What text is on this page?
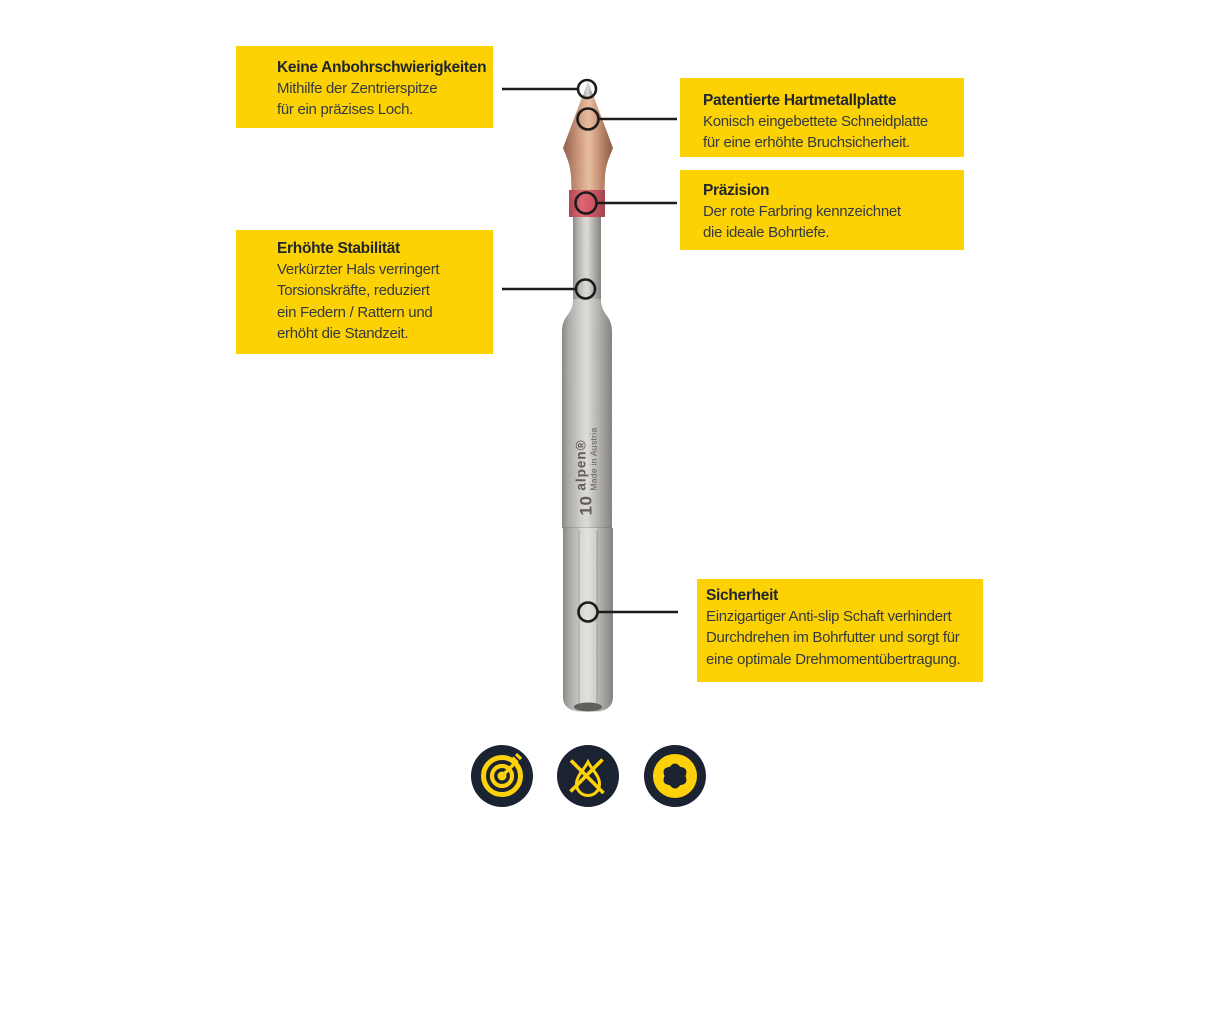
Keine Anbohrschwierigkeiten
Mithilfe der Zentrierspitze
für ein präzises Loch.
Patentierte Hartmetallplatte
Konisch eingebettete Schneidplatte
für eine erhöhte Bruchsicherheit.
Präzision
Der rote Farbring kennzeichnet
die ideale Bohrtiefe.
Erhöhte Stabilität
Verkürzter Hals verringert
Torsionskräfte, reduziert
ein Federn / Rattern und
erhöht die Standzeit.
Sicherheit
Einzigartiger Anti-slip Schaft verhindert
Durchdrehen im Bohrfutter und sorgt für
eine optimale Drehmomentübertragung.
10
alpen® Made in Austria
